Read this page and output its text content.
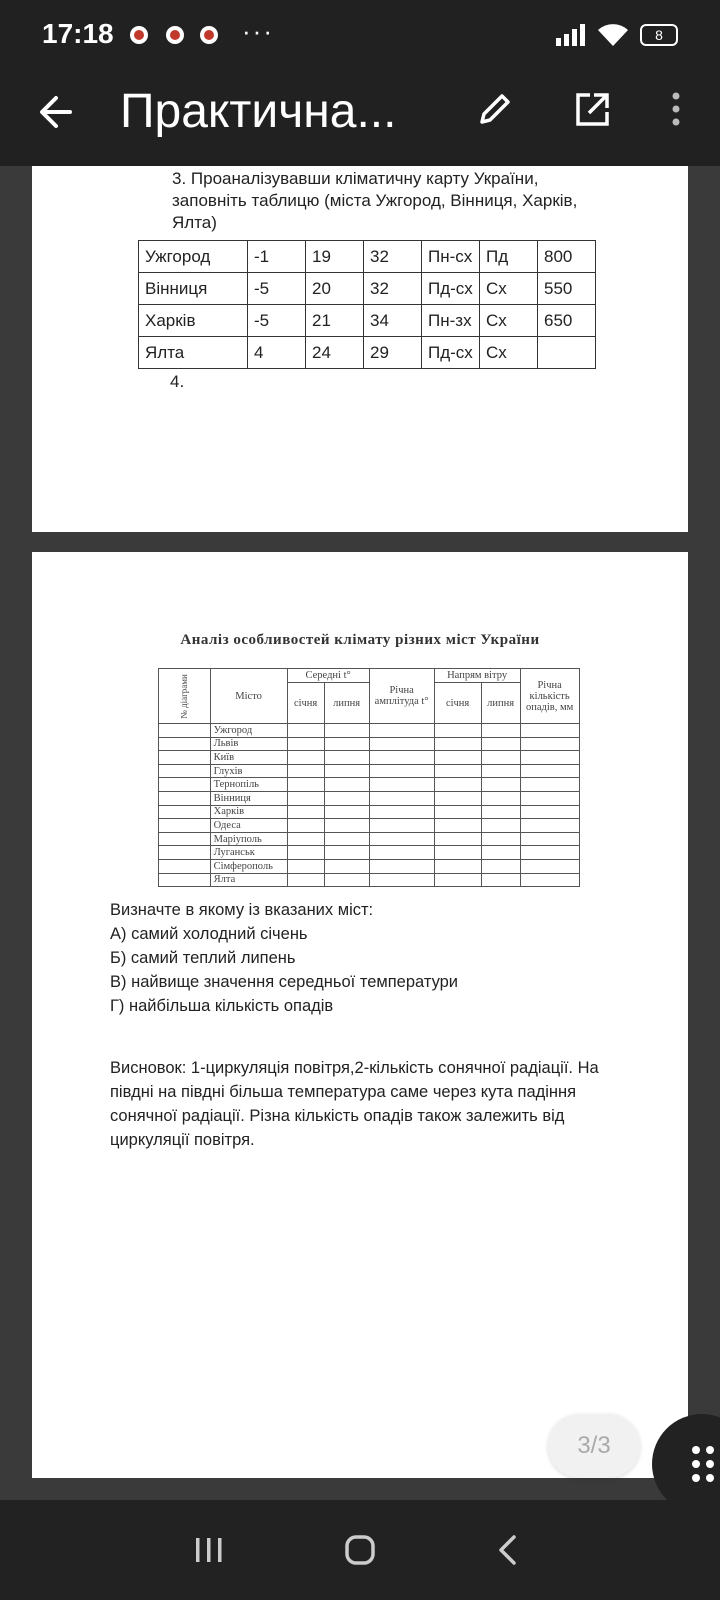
17:18	···	8
Практична...
3. Проаналізувавши кліматичну карту України, заповніть таблицю (міста Ужгород, Вінниця, Харків, Ялта)
Ужгород	-1	19	32	Пн-сх	Пд	800
Вінниця	-5	20	32	Пд-сх	Сх	550
Харків	-5	21	34	Пн-зх	Сх	650
Ялта	4	24	29	Пд-сх	Сх	
4.
Аналіз особливостей клімату різних міст України
№ діаграми	Місто	Середні t°		Річна амплітуда t°	Напрям вітру		Річна кількість опадів, мм
		січня	липня		січня	липня	
	Ужгород						
	Львів						
	Київ						
	Глухів						
	Тернопіль						
	Вінниця						
	Харків						
	Одеса						
	Маріуполь						
	Луганськ						
	Сімферополь						
	Ялта						
Визначте в якому із вказаних міст:
А) самий холодний січень
Б) самий теплий липень
В) найвище значення середньої температури
Г) найбільша кількість опадів
Висновок: 1-циркуляція повітря,2-кількість сонячної радіації. На півдні на півдні більша температура саме через кута падіння сонячної радіації. Різна кількість опадів також залежить від циркуляції повітря.
3/3
